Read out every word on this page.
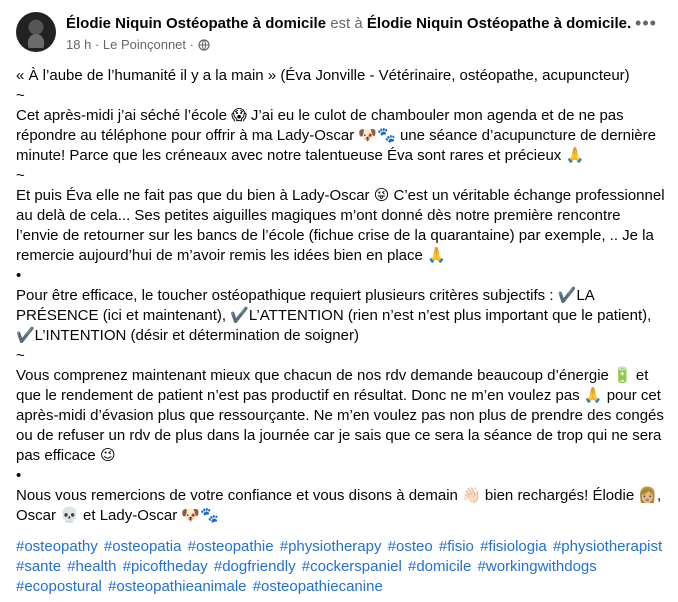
Élodie Niquin Ostéopathe à domicile est à Élodie Niquin Ostéopathe à domicile.
18 h · Le Poinçonnet ·
•••

« À l’aube de l’humanité il y a la main » (Éva Jonville - Vétérinaire, ostéopathe, acupuncteur)

~

Cet après-midi j’ai séché l’école 😱 J’ai eu le culot de chambouler mon agenda et de ne pas répondre au téléphone pour offrir à ma Lady-Oscar 🐶🐾 une séance d’acupuncture de dernière minute! Parce que les créneaux avec notre talentueuse Éva sont rares et précieux 🙏

~

Et puis Éva elle ne fait pas que du bien à Lady-Oscar 😜 C’est un véritable échange professionnel au delà de cela... Ses petites aiguilles magiques m’ont donné dès notre première rencontre l’envie de retourner sur les bancs de l’école (fichue crise de la quarantaine) par exemple, .. Je la remercie aujourd’hui de m’avoir remis les idées bien en place 🙏

•

Pour être efficace, le toucher ostéopathique requiert plusieurs critères subjectifs : ✔️LA PRÉSENCE (ici et maintenant), ✔️L’ATTENTION (rien n’est n’est plus important que le patient), ✔️L’INTENTION (désir et détermination de soigner)

~

Vous comprenez maintenant mieux que chacun de nos rdv demande beaucoup d’énergie 🔋 et que le rendement de patient n’est pas productif en résultat. Donc ne m’en voulez pas 🙏 pour cet après-midi d’évasion plus que ressourçante. Ne m’en voulez pas non plus de prendre des congés ou de refuser un rdv de plus dans la journée car je sais que ce sera la séance de trop qui ne sera pas efficace 😉

•

Nous vous remercions de votre confiance et vous disons à demain 👋🏻 bien rechargés! Élodie 👩🏼, Oscar 💀 et Lady-Oscar 🐶🐾

#osteopathy #osteopatia #osteopathie #physiotherapy #osteo #fisio #fisiologia #physiotherapist #sante #health #picoftheday #dogfriendly #cockerspaniel #domicile #workingwithdogs #ecopostural #osteopathieanimale #osteopathiecanine
